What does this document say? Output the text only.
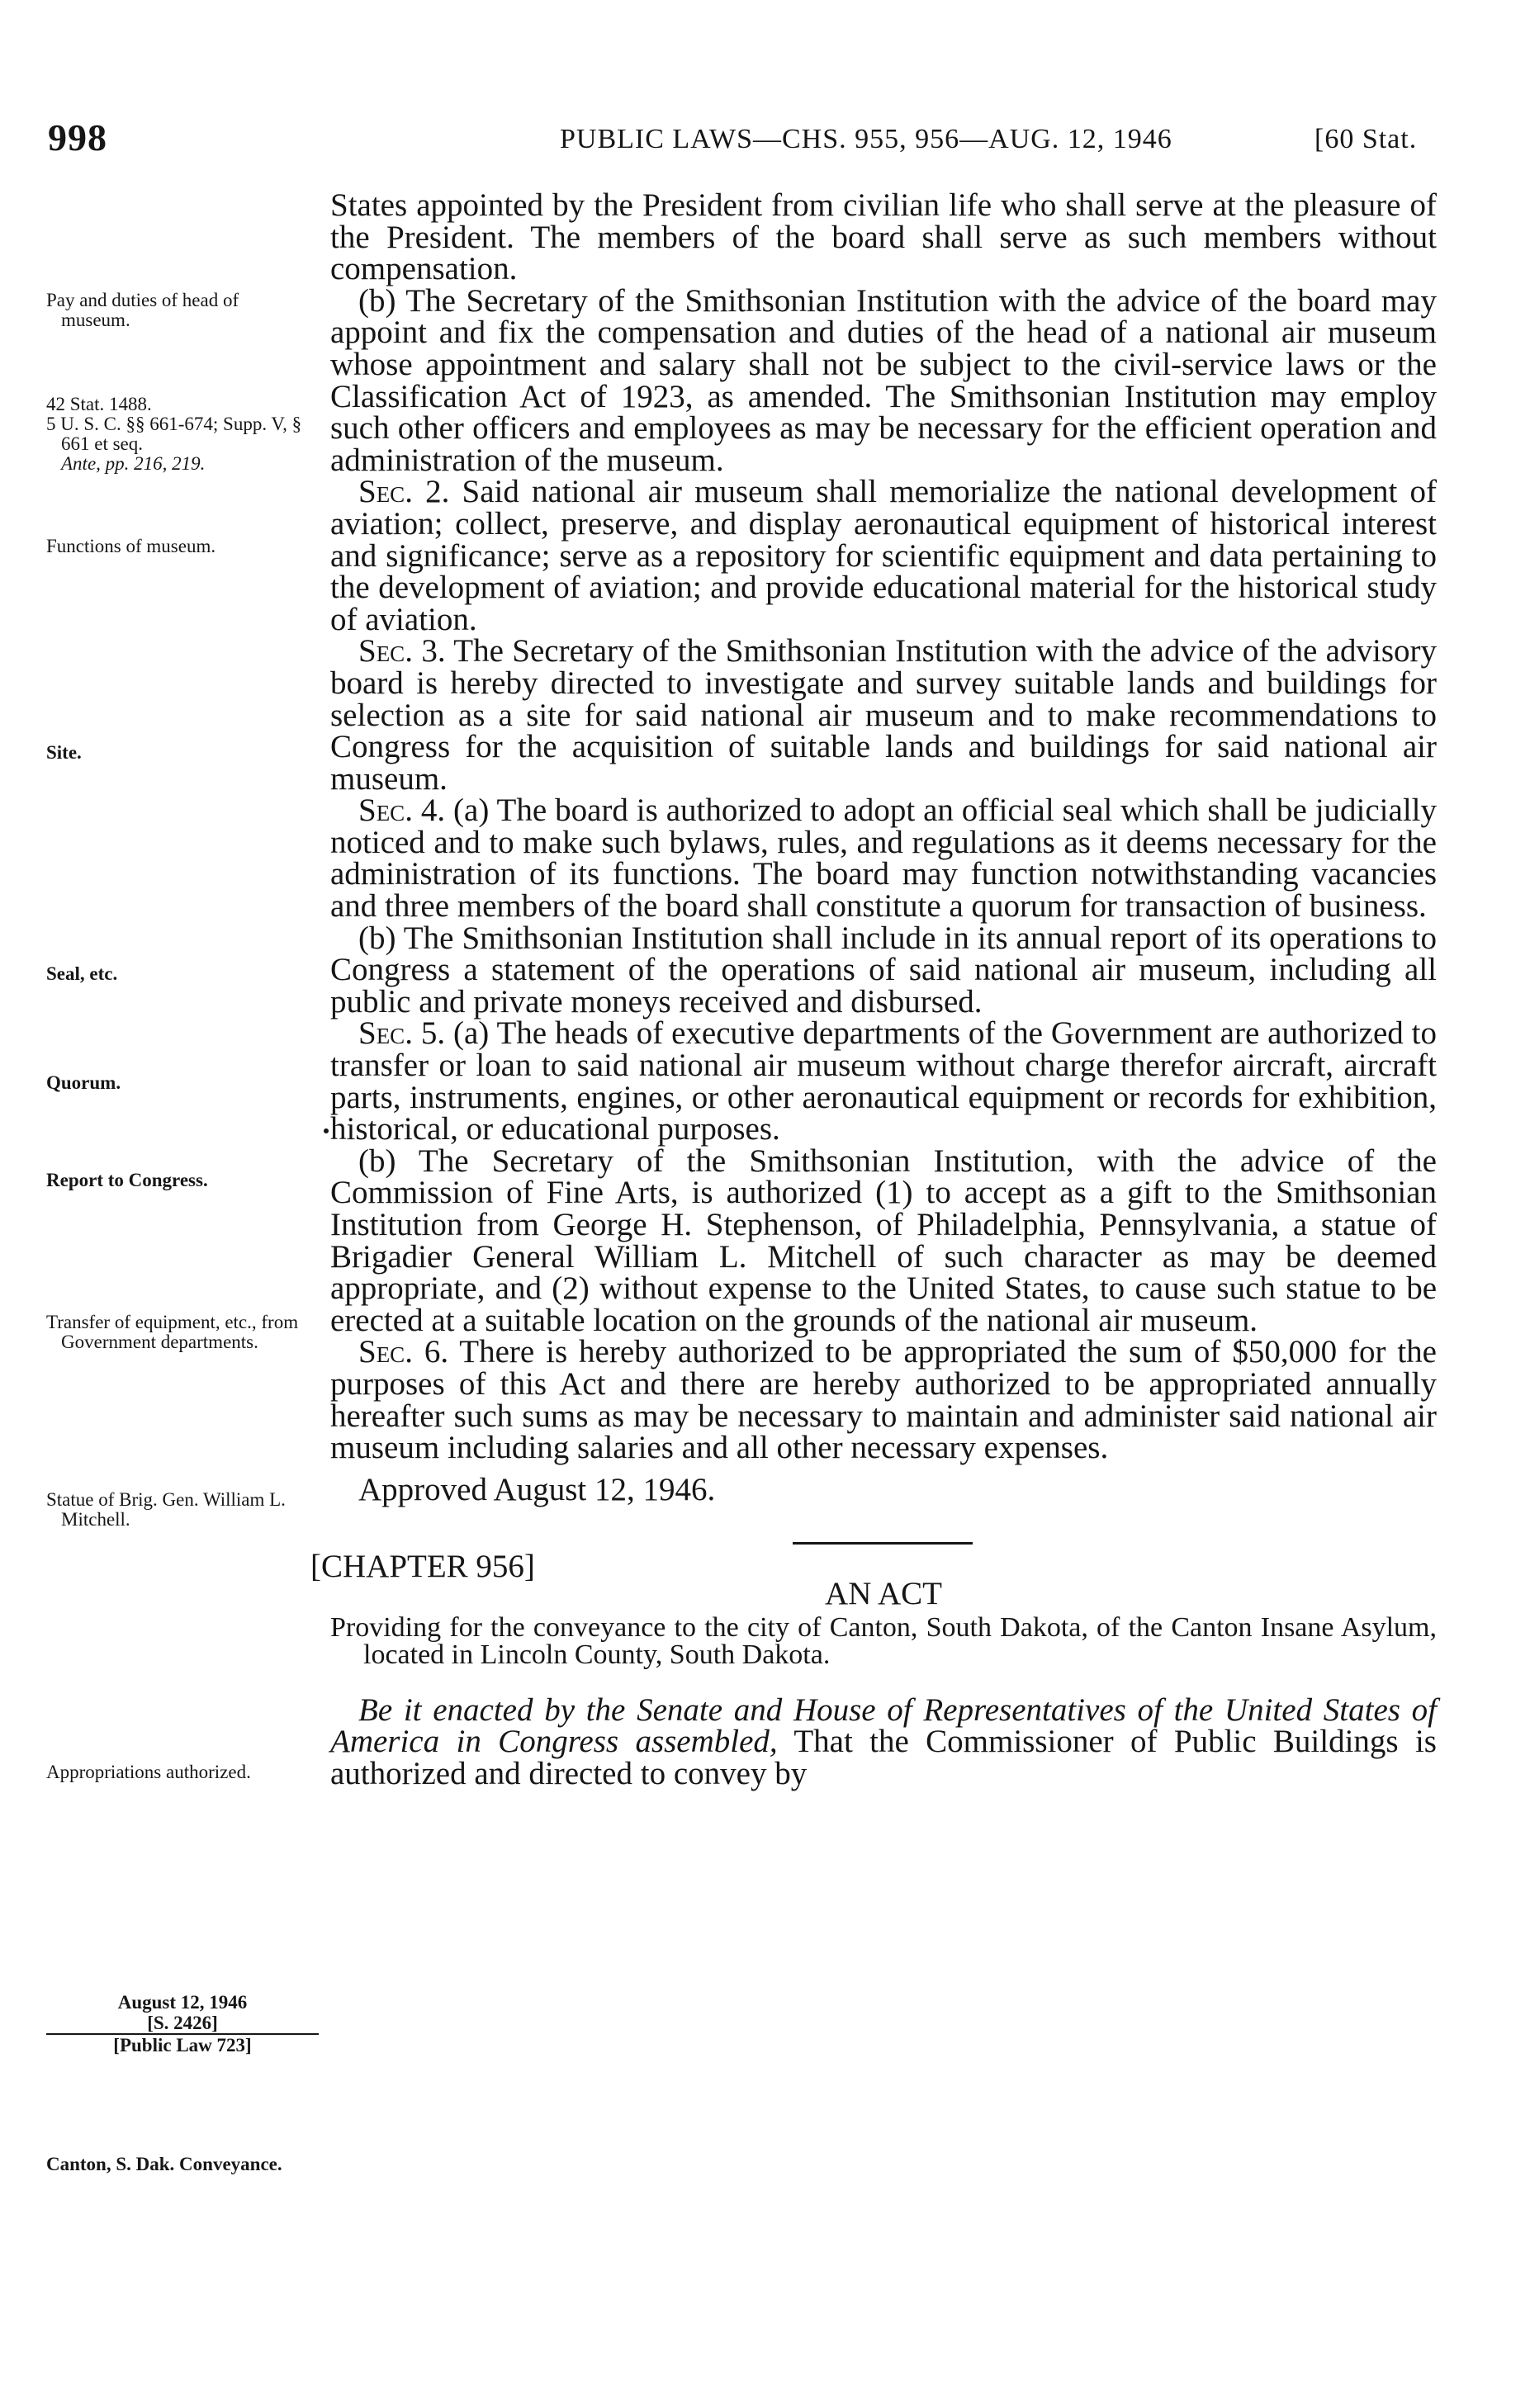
998	PUBLIC LAWS—CHS. 955, 956—AUG. 12, 1946	[60 Stat.

Pay and duties of head of museum.

42 Stat. 1488.

5 U. S. C. §§ 661-674; Supp. V, § 661 et seq.

Ante, pp. 216, 219.

Functions of museum.

Site.

Seal, etc.

Quorum.

Report to Congress.

Transfer of equipment, etc., from Government departments.

Statue of Brig. Gen. William L. Mitchell.

Appropriations authorized.

August 12, 1946

[S. 2426]

[Public Law 723]

Canton, S. Dak. Conveyance.

States appointed by the President from civilian life who shall serve at the pleasure of the President. The members of the board shall serve as such members without compensation.

(b) The Secretary of the Smithsonian Institution with the advice of the board may appoint and fix the compensation and duties of the head of a national air museum whose appointment and salary shall not be subject to the civil-service laws or the Classification Act of 1923, as amended. The Smithsonian Institution may employ such other officers and employees as may be necessary for the efficient operation and administration of the museum.

Sec. 2. Said national air museum shall memorialize the national development of aviation; collect, preserve, and display aeronautical equipment of historical interest and significance; serve as a repository for scientific equipment and data pertaining to the development of aviation; and provide educational material for the historical study of aviation.

Sec. 3. The Secretary of the Smithsonian Institution with the advice of the advisory board is hereby directed to investigate and survey suitable lands and buildings for selection as a site for said national air museum and to make recommendations to Congress for the acquisition of suitable lands and buildings for said national air museum.

Sec. 4. (a) The board is authorized to adopt an official seal which shall be judicially noticed and to make such bylaws, rules, and regulations as it deems necessary for the administration of its functions. The board may function notwithstanding vacancies and three members of the board shall constitute a quorum for transaction of business.

(b) The Smithsonian Institution shall include in its annual report of its operations to Congress a statement of the operations of said national air museum, including all public and private moneys received and disbursed.

Sec. 5. (a) The heads of executive departments of the Government are authorized to transfer or loan to said national air museum without charge therefor aircraft, aircraft parts, instruments, engines, or other aeronautical equipment or records for exhibition, historical, or educational purposes.

(b) The Secretary of the Smithsonian Institution, with the advice of the Commission of Fine Arts, is authorized (1) to accept as a gift to the Smithsonian Institution from George H. Stephenson, of Philadelphia, Pennsylvania, a statue of Brigadier General William L. Mitchell of such character as may be deemed appropriate, and (2) without expense to the United States, to cause such statue to be erected at a suitable location on the grounds of the national air museum.

Sec. 6. There is hereby authorized to be appropriated the sum of $50,000 for the purposes of this Act and there are hereby authorized to be appropriated annually hereafter such sums as may be necessary to maintain and administer said national air museum including salaries and all other necessary expenses.

Approved August 12, 1946.

[CHAPTER 956]

AN ACT

Providing for the conveyance to the city of Canton, South Dakota, of the Canton Insane Asylum, located in Lincoln County, South Dakota.

Be it enacted by the Senate and House of Representatives of the United States of America in Congress assembled, That the Commissioner of Public Buildings is authorized and directed to convey by
